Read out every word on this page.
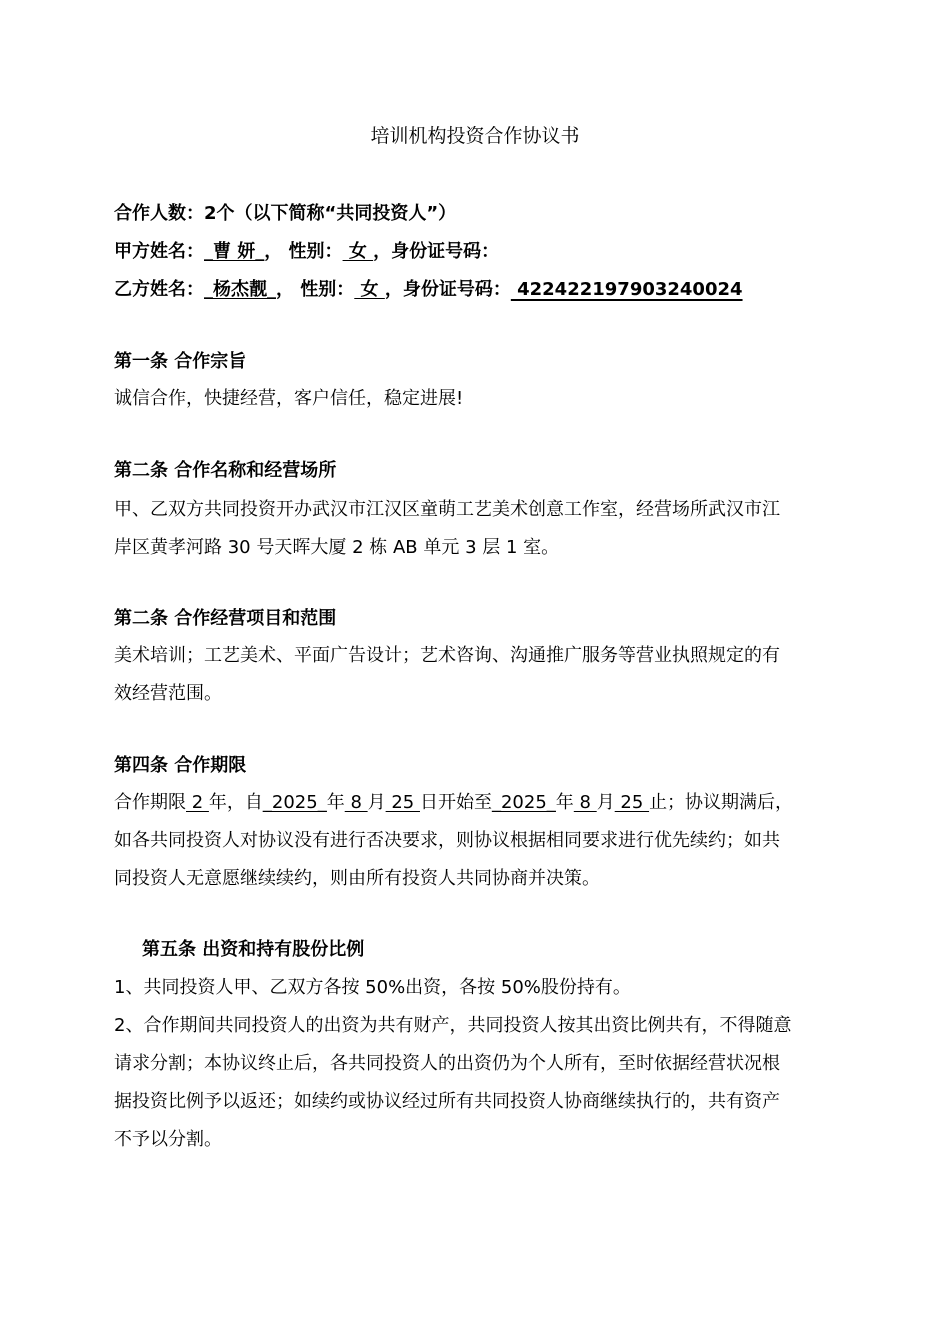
培训机构投资合作协议书
合作人数：2个（以下简称“共同投资人”）
甲方姓名：_曹 妍_， 性别： 女 ，身份证号码：
乙方姓名：_杨杰靓_， 性别： 女 ，身份证号码： 422422197903240024
第一条 合作宗旨
诚信合作，快捷经营，客户信任，稳定进展!
第二条 合作名称和经营场所
甲、乙双方共同投资开办武汉市江汉区童萌工艺美术创意工作室，经营场所武汉市江
岸区黄孝河路 30 号天晖大厦 2 栋 AB 单元 3 层 1 室。
第二条 合作经营项目和范围
美术培训；工艺美术、平面广告设计；艺术咨询、沟通推广服务等营业执照规定的有
效经营范围。
第四条 合作期限
合作期限 2 年，自_2025_年 8 月 25 日开始至_2025_年 8 月 25 止；协议期满后，
如各共同投资人对协议没有进行否决要求，则协议根据相同要求进行优先续约；如共
同投资人无意愿继续续约，则由所有投资人共同协商并决策。
第五条 出资和持有股份比例
1、共同投资人甲、乙双方各按 50%出资，各按 50%股份持有。
2、合作期间共同投资人的出资为共有财产，共同投资人按其出资比例共有，不得随意
请求分割；本协议终止后，各共同投资人的出资仍为个人所有，至时依据经营状况根
据投资比例予以返还；如续约或协议经过所有共同投资人协商继续执行的，共有资产
不予以分割。
